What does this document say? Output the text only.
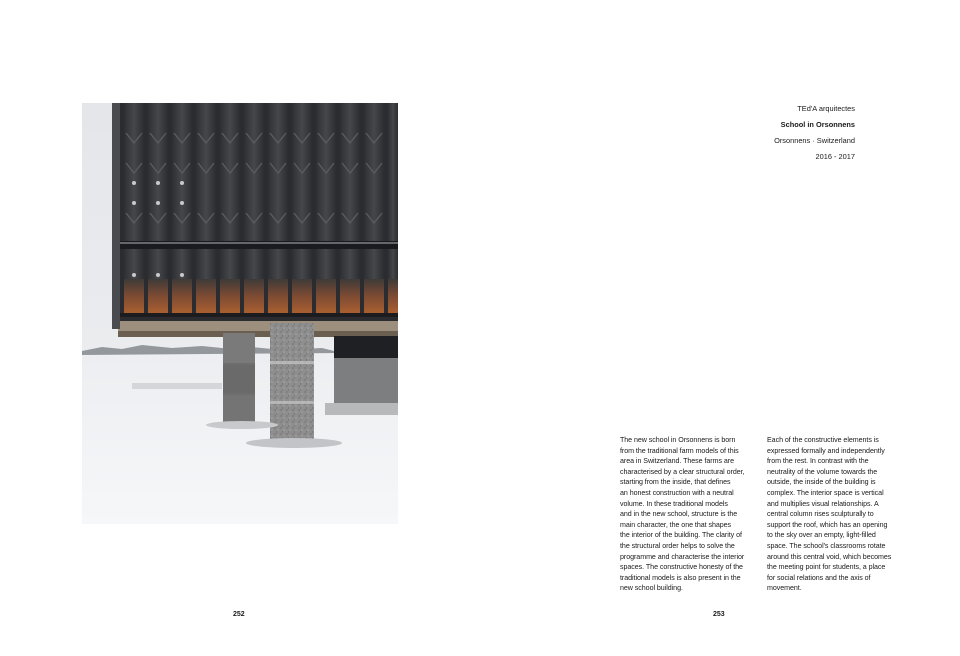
TEd'A arquitectes
School in Orsonnens
Orsonnens · Switzerland
2016 - 2017
The new school in Orsonnens is born
from the traditional farm models of this
area in Switzerland. These farms are
characterised by a clear structural order,
starting from the inside, that defines
an honest construction with a neutral
volume. In these traditional models
and in the new school, structure is the
main character, the one that shapes
the interior of the building. The clarity of
the structural order helps to solve the
programme and characterise the interior
spaces. The constructive honesty of the
traditional models is also present in the
new school building.
Each of the constructive elements is
expressed formally and independently
from the rest. In contrast with the
neutrality of the volume towards the
outside, the inside of the building is
complex. The interior space is vertical
and multiplies visual relationships. A
central column rises sculpturally to
support the roof, which has an opening
to the sky over an empty, light-filled
space. The school's classrooms rotate
around this central void, which becomes
the meeting point for students, a place
for social relations and the axis of
movement.
252	253
